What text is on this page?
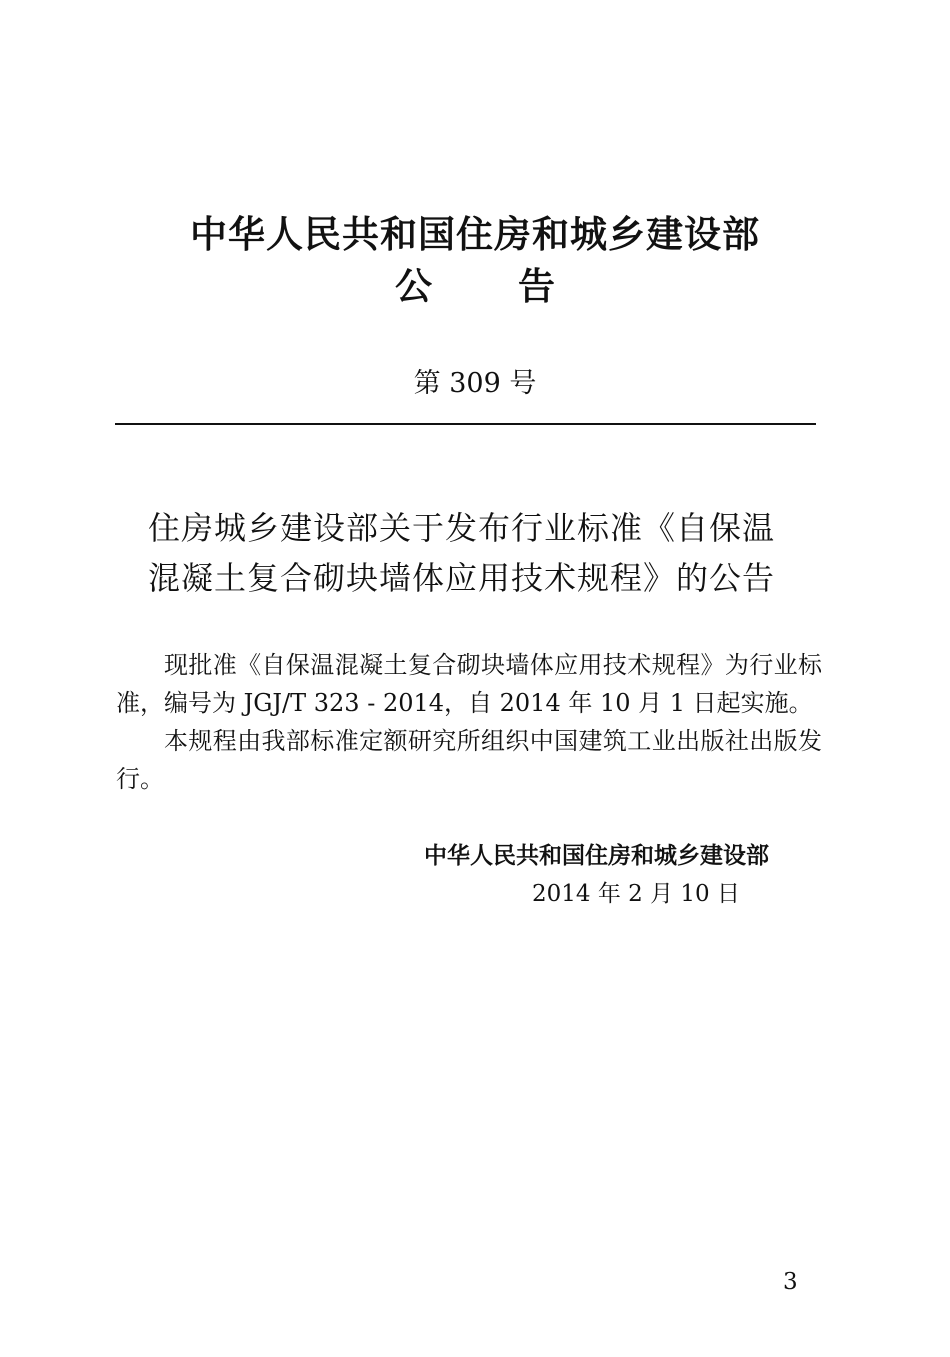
中华人民共和国住房和城乡建设部
公告
第 309 号
住房城乡建设部关于发布行业标准《自保温
混凝土复合砌块墙体应用技术规程》的公告

现批准《自保温混凝土复合砌块墙体应用技术规程》为行业标准，编号为 JGJ/T 323 - 2014，自 2014 年 10 月 1 日起实施。

本规程由我部标准定额研究所组织中国建筑工业出版社出版发行。

中华人民共和国住房和城乡建设部
2014 年 2 月 10 日
3
